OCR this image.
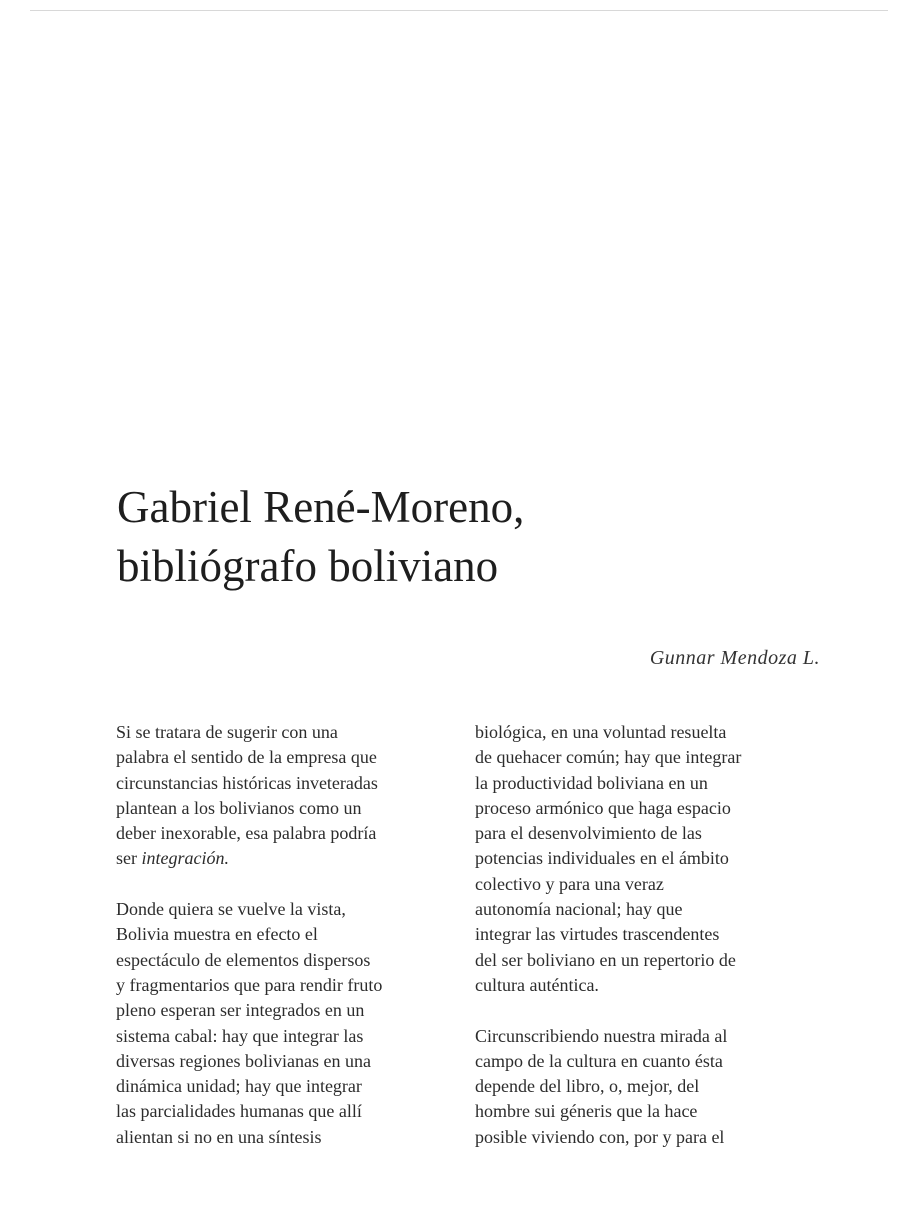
Gabriel René-Moreno,
bibliógrafo boliviano

Gunnar Mendoza L.

Si se tratara de sugerir con una
palabra el sentido de la empresa que
circunstancias históricas inveteradas
plantean a los bolivianos como un
deber inexorable, esa palabra podría
ser integración.

Donde quiera se vuelve la vista,
Bolivia muestra en efecto el
espectáculo de elementos dispersos
y fragmentarios que para rendir fruto
pleno esperan ser integrados en un
sistema cabal: hay que integrar las
diversas regiones bolivianas en una
dinámica unidad; hay que integrar
las parcialidades humanas que allí
alientan si no en una síntesis

biológica, en una voluntad resuelta
de quehacer común; hay que integrar
la productividad boliviana en un
proceso armónico que haga espacio
para el desenvolvimiento de las
potencias individuales en el ámbito
colectivo y para una veraz
autonomía nacional; hay que
integrar las virtudes trascendentes
del ser boliviano en un repertorio de
cultura auténtica.

Circunscribiendo nuestra mirada al
campo de la cultura en cuanto ésta
depende del libro, o, mejor, del
hombre sui géneris que la hace
posible viviendo con, por y para el
